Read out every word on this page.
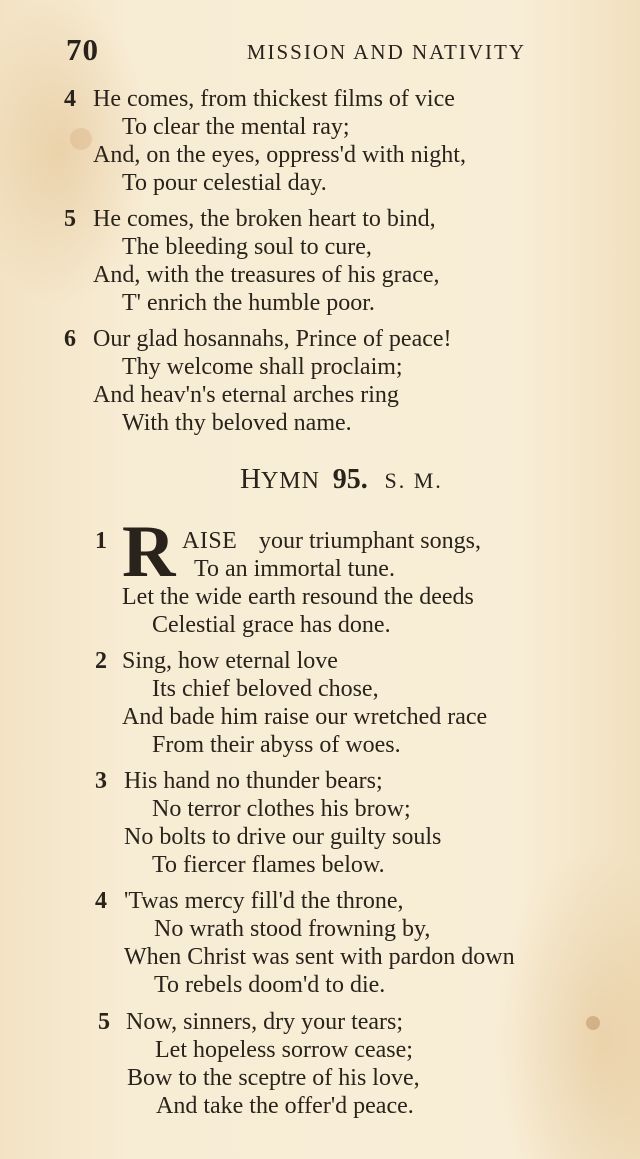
70	MISSION AND NATIVITY
4 He comes, from thickest films of vice
To clear the mental ray;
And, on the eyes, oppress'd with night,
To pour celestial day.
5 He comes, the broken heart to bind,
The bleeding soul to cure,
And, with the treasures of his grace,
T' enrich the humble poor.
6 Our glad hosannahs, Prince of peace!
Thy welcome shall proclaim;
And heav'n's eternal arches ring
With thy beloved name.
HYMN 95. S. M.
1 R AISE your triumphant songs,
To an immortal tune.
Let the wide earth resound the deeds
Celestial grace has done.
2 Sing, how eternal love
Its chief beloved chose,
And bade him raise our wretched race
From their abyss of woes.
3 His hand no thunder bears;
No terror clothes his brow;
No bolts to drive our guilty souls
To fiercer flames below.
4 'Twas mercy fill'd the throne,
No wrath stood frowning by,
When Christ was sent with pardon down
To rebels doom'd to die.
5 Now, sinners, dry your tears;
Let hopeless sorrow cease;
Bow to the sceptre of his love,
And take the offer'd peace.
